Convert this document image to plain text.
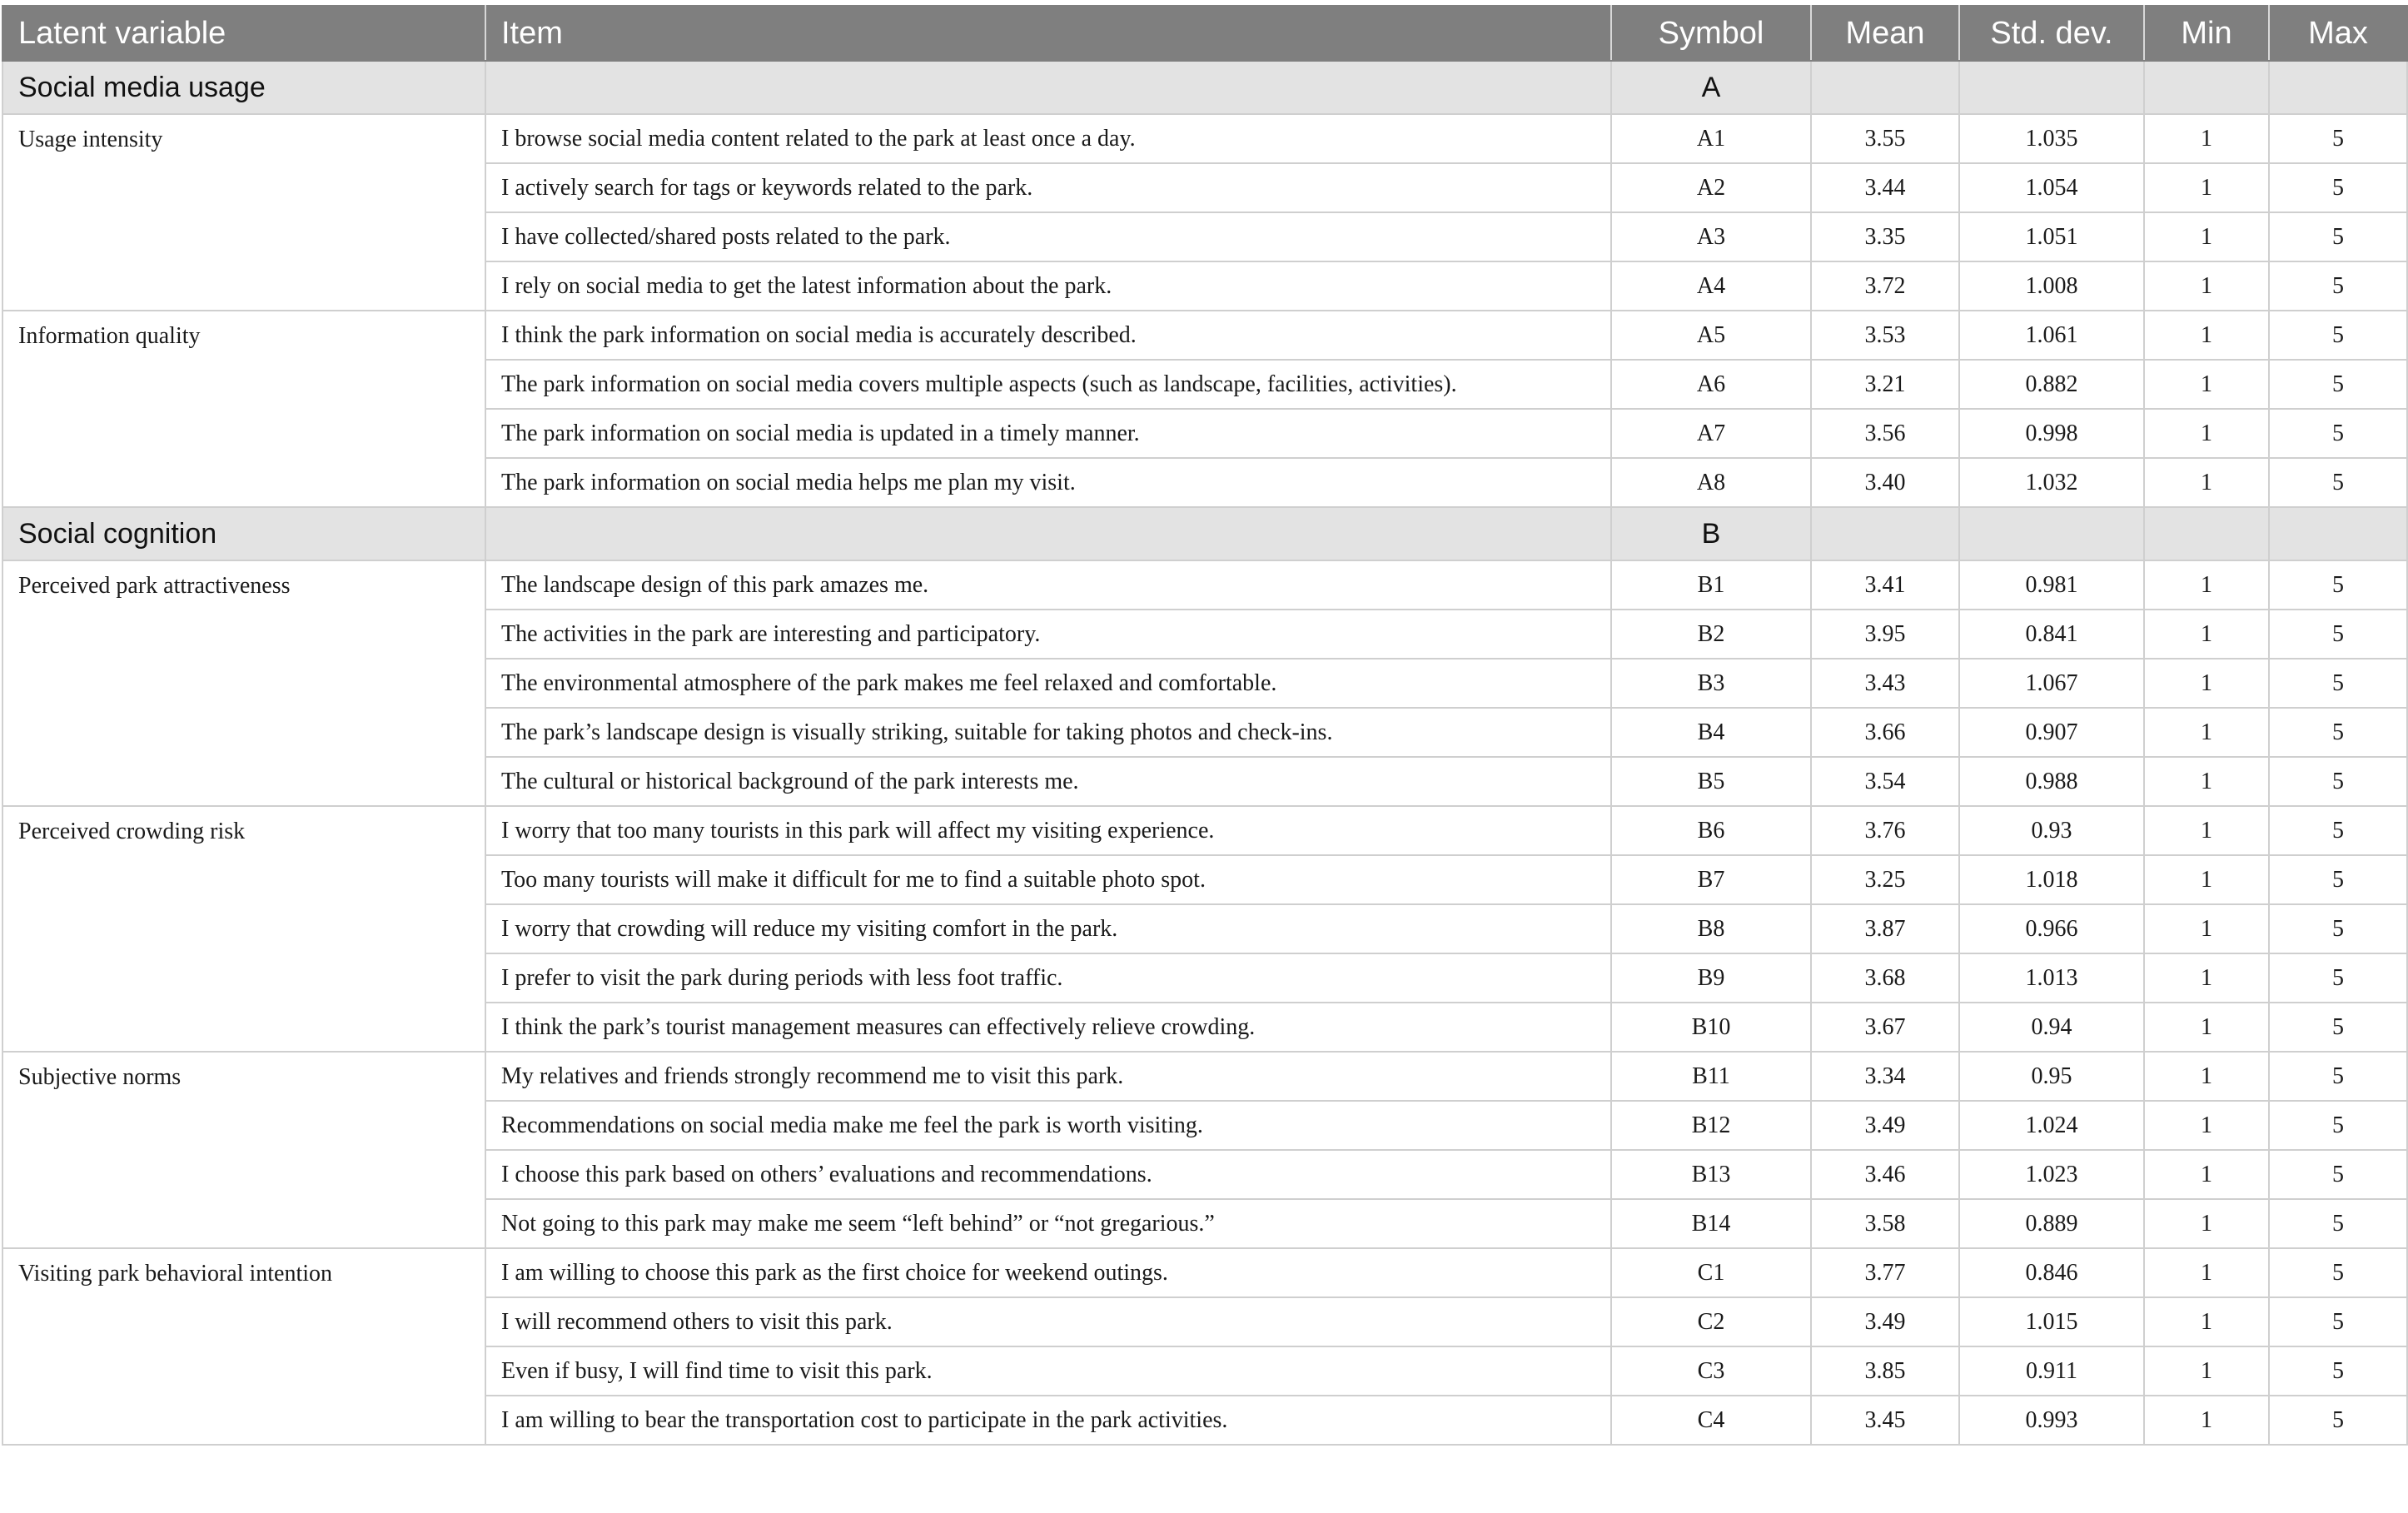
Latent variable	Item	Symbol	Mean	Std. dev.	Min	Max
Social media usage		A				
Usage intensity	I browse social media content related to the park at least once a day.	A1	3.55	1.035	1	5
	I actively search for tags or keywords related to the park.	A2	3.44	1.054	1	5
	I have collected/shared posts related to the park.	A3	3.35	1.051	1	5
	I rely on social media to get the latest information about the park.	A4	3.72	1.008	1	5
Information quality	I think the park information on social media is accurately described.	A5	3.53	1.061	1	5
	The park information on social media covers multiple aspects (such as landscape, facilities, activities).	A6	3.21	0.882	1	5
	The park information on social media is updated in a timely manner.	A7	3.56	0.998	1	5
	The park information on social media helps me plan my visit.	A8	3.40	1.032	1	5
Social cognition		B				
Perceived park attractiveness	The landscape design of this park amazes me.	B1	3.41	0.981	1	5
	The activities in the park are interesting and participatory.	B2	3.95	0.841	1	5
	The environmental atmosphere of the park makes me feel relaxed and comfortable.	B3	3.43	1.067	1	5
	The park’s landscape design is visually striking, suitable for taking photos and check-ins.	B4	3.66	0.907	1	5
	The cultural or historical background of the park interests me.	B5	3.54	0.988	1	5
Perceived crowding risk	I worry that too many tourists in this park will affect my visiting experience.	B6	3.76	0.93	1	5
	Too many tourists will make it difficult for me to find a suitable photo spot.	B7	3.25	1.018	1	5
	I worry that crowding will reduce my visiting comfort in the park.	B8	3.87	0.966	1	5
	I prefer to visit the park during periods with less foot traffic.	B9	3.68	1.013	1	5
	I think the park’s tourist management measures can effectively relieve crowding.	B10	3.67	0.94	1	5
Subjective norms	My relatives and friends strongly recommend me to visit this park.	B11	3.34	0.95	1	5
	Recommendations on social media make me feel the park is worth visiting.	B12	3.49	1.024	1	5
	I choose this park based on others’ evaluations and recommendations.	B13	3.46	1.023	1	5
	Not going to this park may make me seem “left behind” or “not gregarious.”	B14	3.58	0.889	1	5
Visiting park behavioral intention	I am willing to choose this park as the first choice for weekend outings.	C1	3.77	0.846	1	5
	I will recommend others to visit this park.	C2	3.49	1.015	1	5
	Even if busy, I will find time to visit this park.	C3	3.85	0.911	1	5
	I am willing to bear the transportation cost to participate in the park activities.	C4	3.45	0.993	1	5
